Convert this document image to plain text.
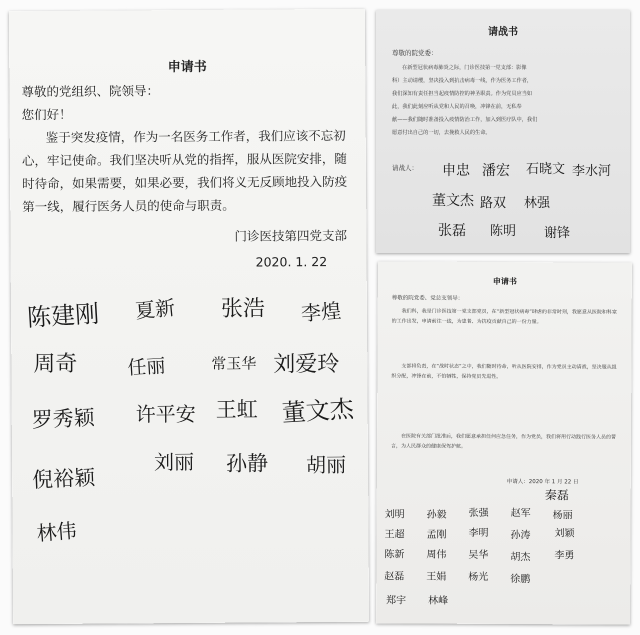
申请书
尊敬的党组织、院领导：
您们好！
鉴于突发疫情，作为一名医务工作者，我们应该不忘初
心，牢记使命。我们坚决听从党的指挥，服从医院安排，随
时待命，如果需要，如果必要，我们将义无反顾地投入防疫
第一线，履行医务人员的使命与职责。
门诊医技第四党支部
2020. 1. 22
陈建刚 夏新 张浩 李煌
周奇	任丽	常玉华 刘爱玲
罗秀颖 许平安 王虹 董文杰
倪裕颖
刘丽 孙静 胡丽
林伟
请战书
尊敬的院党委：
在新型冠状病毒肺炎之际，门诊医技第一党支部：影像
科）主动请缨，坚决投入到抗击病毒一线，作为医务工作者，
我们深知有责任担当起疫情防控的神圣职责。作为党员应当如
此，我们此刻应听从党和人民的召唤，冲锋在前，无私奉
献——我们随时准备投入疫情防治工作，加入到医疗队中，我们
愿意付出自己的一切，去挽救人民的生命。
请战人： 申忠 潘宏 石晓文 李水河
董文杰 路双 林强
张磊 陈明 谢锋
申请书
尊敬的院党委、党总支领导：
我们科，我是门诊医技第一党支部党员，在“新型冠状病毒”肆虐的非常时刻，我愿意从医院和科室的工作出发，申请前往一线，为患者、为抗疫贡献自己的一份力量。
支部将负责，在“战时状态”之中，我们随时待命，听从医院安排，作为党员主动请战，坚决服从组织分配，冲锋在前，不怕牺牲，保持党员先进性。
在医院有关部门批准后，我们愿意承担任何应急任务，作为党员，我们将用行动践行医务人员的誓言，为人民群众的健康保驾护航。
申请人：2020 年 1 月 22 日
秦磊
刘明 孙毅 张强 赵军 杨丽
王超 孟刚 李明 孙涛 刘颖
陈新 周伟 吴华 胡杰 李勇
赵磊 王娟 杨光 徐鹏
郑宇 林峰
